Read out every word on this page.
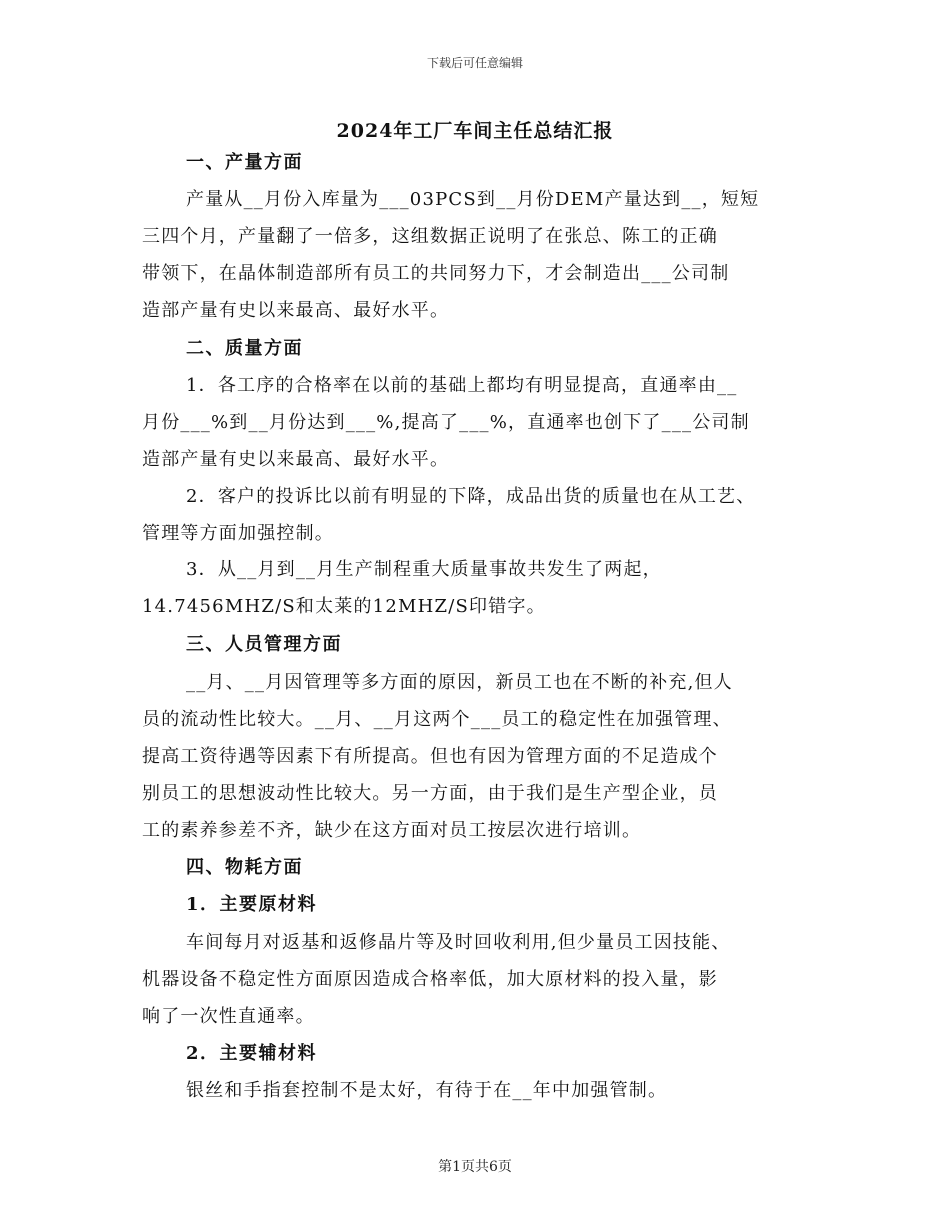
下载后可任意编辑
2024年工厂车间主任总结汇报
一、产量方面
产量从__月份入库量为___03PCS到__月份DEM产量达到__，短短
三四个月，产量翻了一倍多，这组数据正说明了在张总、陈工的正确
带领下，在晶体制造部所有员工的共同努力下，才会制造出___公司制
造部产量有史以来最高、最好水平。
二、质量方面
1．各工序的合格率在以前的基础上都均有明显提高，直通率由__
月份___%到__月份达到___%,提高了___%，直通率也创下了___公司制
造部产量有史以来最高、最好水平。
2．客户的投诉比以前有明显的下降，成品出货的质量也在从工艺、
管理等方面加强控制。
3．从__月到__月生产制程重大质量事故共发生了两起，
14.7456MHZ/S和太莱的12MHZ/S印错字。
三、人员管理方面
__月、__月因管理等多方面的原因，新员工也在不断的补充,但人
员的流动性比较大。__月、__月这两个___员工的稳定性在加强管理、
提高工资待遇等因素下有所提高。但也有因为管理方面的不足造成个
别员工的思想波动性比较大。另一方面，由于我们是生产型企业，员
工的素养参差不齐，缺少在这方面对员工按层次进行培训。
四、物耗方面
1．主要原材料
车间每月对返基和返修晶片等及时回收利用,但少量员工因技能、
机器设备不稳定性方面原因造成合格率低，加大原材料的投入量，影
响了一次性直通率。
2．主要辅材料
银丝和手指套控制不是太好，有待于在__年中加强管制。
第1页共6页
